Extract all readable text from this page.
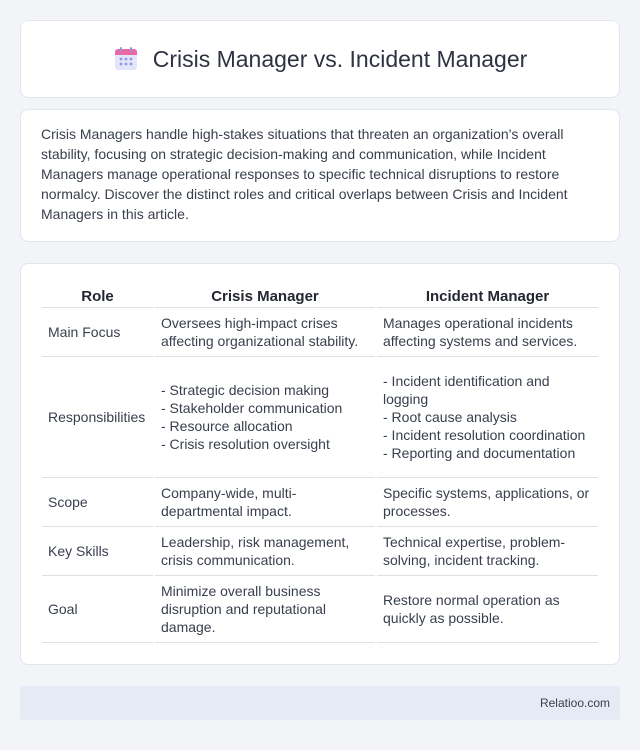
Crisis Manager vs. Incident Manager

Crisis Managers handle high-stakes situations that threaten an organization's overall stability, focusing on strategic decision-making and communication, while Incident Managers manage operational responses to specific technical disruptions to restore normalcy. Discover the distinct roles and critical overlaps between Crisis and Incident Managers in this article.

Role	Crisis Manager	Incident Manager
Main Focus	Oversees high-impact crises affecting organizational stability.	Manages operational incidents affecting systems and services.
Responsibilities	- Strategic decision making
- Stakeholder communication
- Resource allocation
- Crisis resolution oversight	- Incident identification and logging
- Root cause analysis
- Incident resolution coordination
- Reporting and documentation

Scope	Company-wide, multi-departmental impact.	Specific systems, applications, or processes.
Key Skills	Leadership, risk management, crisis communication.	Technical expertise, problem-solving, incident tracking.
Goal	Minimize overall business disruption and reputational damage.	Restore normal operation as quickly as possible.
Relatioo.com
